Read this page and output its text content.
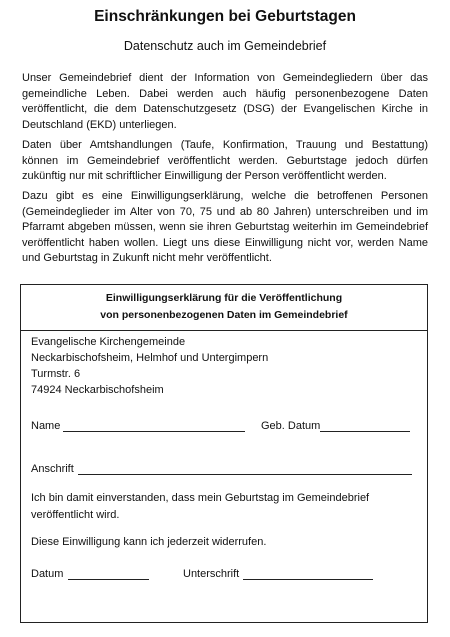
Einschränkungen bei Geburtstagen
Datenschutz auch im Gemeindebrief

Unser Gemeindebrief dient der Information von Gemeindegliedern über das gemeindliche Leben. Dabei werden auch häufig personenbezogene Daten veröffentlicht, die dem Datenschutzgesetz (DSG) der Evangelischen Kirche in Deutschland (EKD) unterliegen.

Daten über Amtshandlungen (Taufe, Konfirmation, Trauung und Bestattung) können im Gemeindebrief veröffentlicht werden. Geburtstage jedoch dürfen zukünftig nur mit schriftlicher Einwilligung der Person veröffentlicht werden.

Dazu gibt es eine Einwilligungserklärung, welche die betroffenen Personen (Gemeindeglieder im Alter von 70, 75 und ab 80 Jahren) unterschreiben und im Pfarramt abgeben müssen, wenn sie ihren Geburtstag weiterhin im Gemeindebrief veröffentlicht haben wollen. Liegt uns diese Einwilligung nicht vor, werden Name und Geburtstag in Zukunft nicht mehr veröffentlicht.

Einwilligungserklärung für die Veröffentlichung
von personenbezogenen Daten im Gemeindebrief
Evangelische Kirchengemeinde
Neckarbischofsheim, Helmhof und Untergimpern
Turmstr. 6
74924 Neckarbischofsheim
Name	Geb. Datum
Anschrift
Ich bin damit einverstanden, dass mein Geburtstag im Gemeindebrief veröffentlicht wird.
Diese Einwilligung kann ich jederzeit widerrufen.
Datum	Unterschrift
